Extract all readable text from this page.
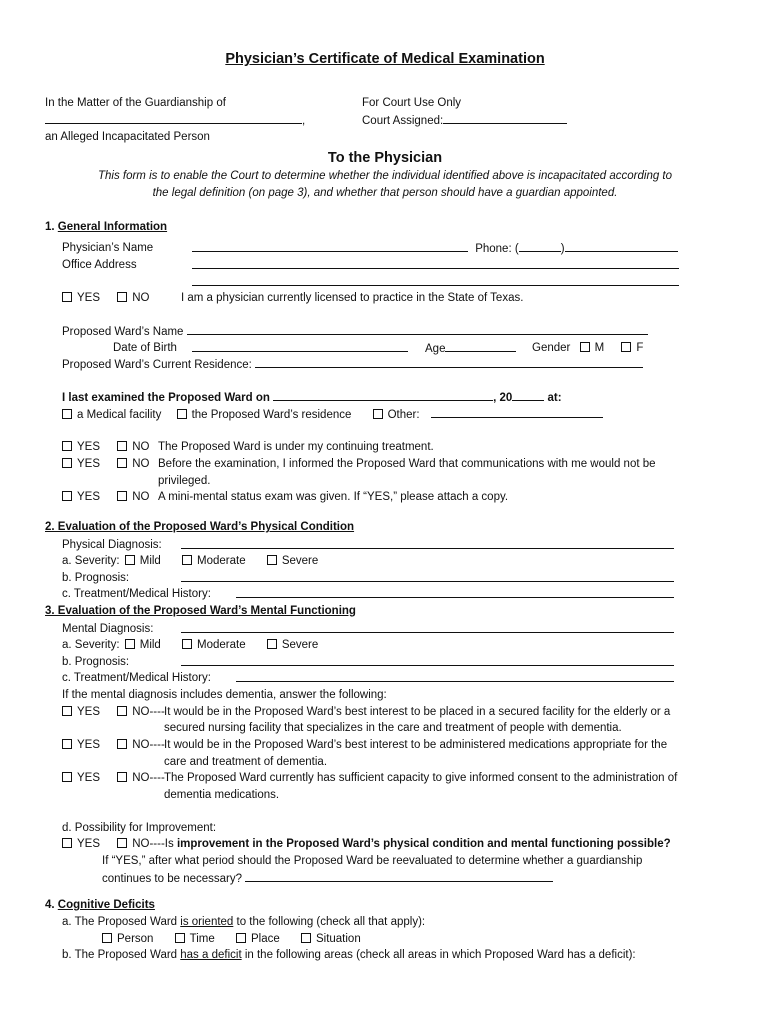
Physician’s Certificate of Medical Examination
In the Matter of the Guardianship of
,
an Alleged Incapacitated Person
For Court Use Only
Court Assigned:
To the Physician
This form is to enable the Court to determine whether the individual identified above is incapacitated according to
the legal definition (on page 3), and whether that person should have a guardian appointed.
1. General Information
Physician’s Name	Phone: (	)
Office Address
YES	NO	I am a physician currently licensed to practice in the State of Texas.
Proposed Ward’s Name
Date of Birth	Age	Gender M	F
Proposed Ward’s Current Residence:
I last examined the Proposed Ward on	, 20	at:
a Medical facility	the Proposed Ward’s residence	Other:
YES	NO The Proposed Ward is under my continuing treatment.
YES	NO Before the examination, I informed the Proposed Ward that communications with me would not be
privileged.
YES	NO A mini-mental status exam was given. If “YES,” please attach a copy.
2. Evaluation of the Proposed Ward’s Physical Condition
Physical Diagnosis:
a. Severity: Mild	Moderate	Severe
b. Prognosis:
c. Treatment/Medical History:
3. Evaluation of the Proposed Ward’s Mental Functioning
Mental Diagnosis:
a. Severity: Mild	Moderate	Severe
b. Prognosis:
c. Treatment/Medical History:
If the mental diagnosis includes dementia, answer the following:
YES	NO---- It would be in the Proposed Ward’s best interest to be placed in a secured facility for the elderly or a
secured nursing facility that specializes in the care and treatment of people with dementia.
YES	NO---- It would be in the Proposed Ward’s best interest to be administered medications appropriate for the
care and treatment of dementia.
YES	NO---- The Proposed Ward currently has sufficient capacity to give informed consent to the administration of
dementia medications.
d. Possibility for Improvement:
YES	NO----Is improvement in the Proposed Ward’s physical condition and mental functioning possible?
If “YES,” after what period should the Proposed Ward be reevaluated to determine whether a guardianship
continues to be necessary?
4. Cognitive Deficits
a. The Proposed Ward is oriented to the following (check all that apply):
Person	Time	Place	Situation
b. The Proposed Ward has a deficit in the following areas (check all areas in which Proposed Ward has a deficit):
